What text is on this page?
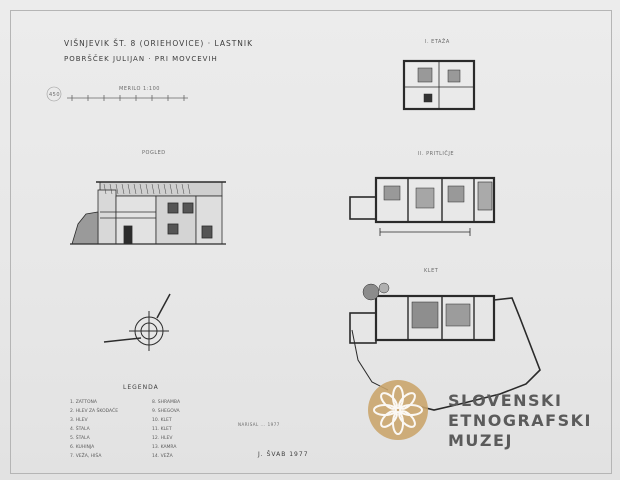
VIŠNJEVIK ŠT. 8 (ORIEHOVICE) · LASTNIK
POBRŠČEK JULIJAN · PRI MOVCEVIH
450
MERILO 1:100
POGLED
I. ETAŽA
II. PRITLIČJE
KLET
LEGENDA
NARISAL ... 1977
J. ŠVAB 1977
1. ZATTONA
2. HLEV ZA ŠKODAČE
3. HLEV
4. ŠTALA
5. ŠTALA
6. KUHINJA
7. VEŽA, HIŠA
8. SHRAMBA
9. SHEGOVA
10. KLET
11. KLET
12. HLEV
13. KAMRA
14. VEŽA
SLOVENSKI
ETNOGRAFSKI
MUZEJ
